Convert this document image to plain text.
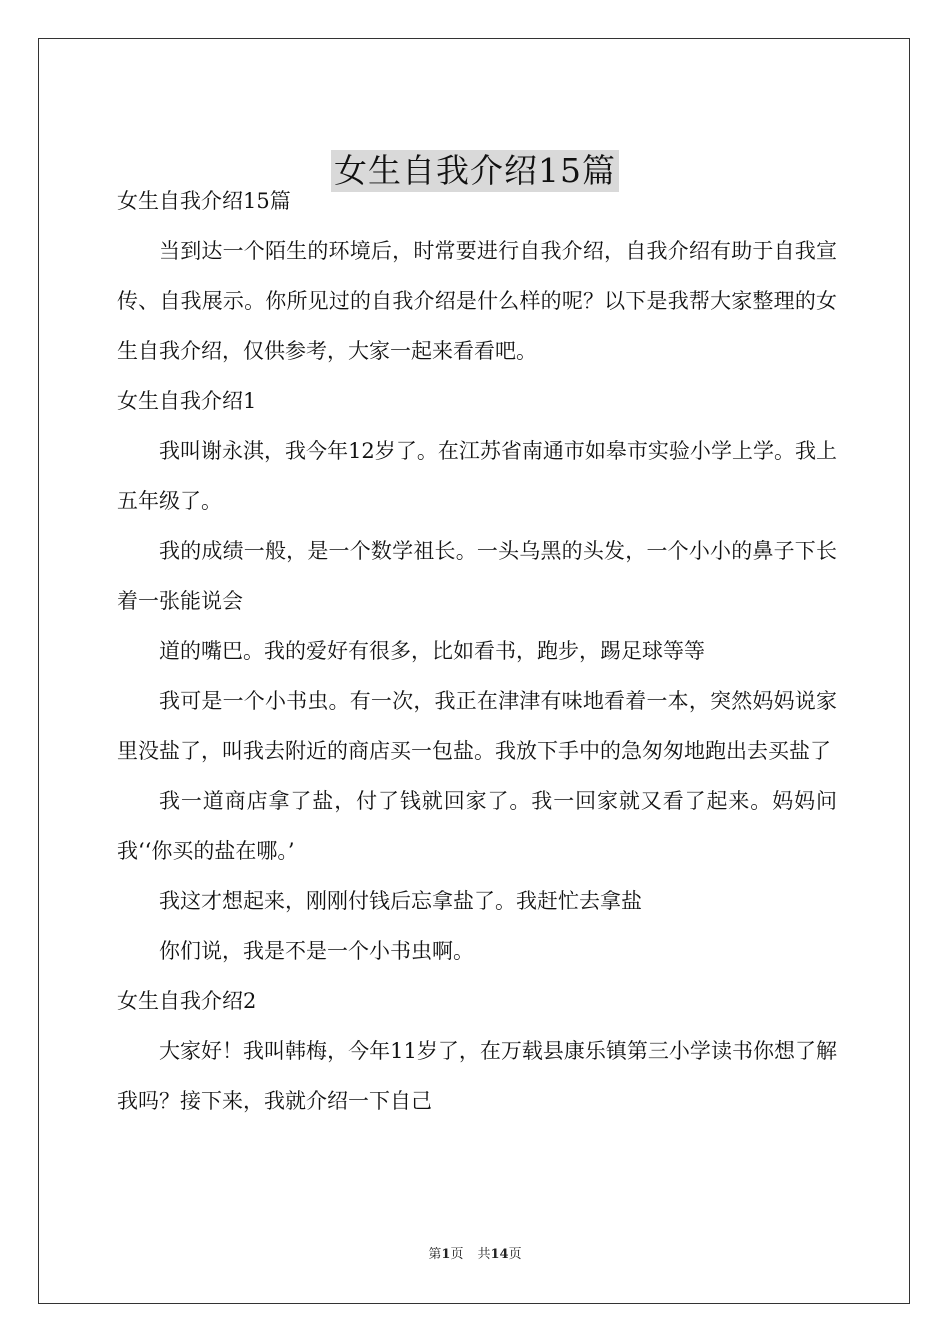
女生自我介绍15篇

女生自我介绍15篇

当到达一个陌生的环境后，时常要进行自我介绍，自我介绍有助于自我宣传、自我展示。你所见过的自我介绍是什么样的呢？以下是我帮大家整理的女生自我介绍，仅供参考，大家一起来看看吧。

女生自我介绍1

我叫谢永淇，我今年12岁了。在江苏省南通市如皋市实验小学上学。我上五年级了。

我的成绩一般，是一个数学祖长。一头乌黑的头发，一个小小的鼻子下长着一张能说会

道的嘴巴。我的爱好有很多，比如看书，跑步，踢足球等等

我可是一个小书虫。有一次，我正在津津有味地看着一本，突然妈妈说家里没盐了，叫我去附近的商店买一包盐。我放下手中的急匆匆地跑出去买盐了

我一道商店拿了盐，付了钱就回家了。我一回家就又看了起来。妈妈问我‘‘你买的盐在哪。’

我这才想起来，刚刚付钱后忘拿盐了。我赶忙去拿盐

你们说，我是不是一个小书虫啊。

女生自我介绍2

大家好！我叫韩梅，今年11岁了，在万载县康乐镇第三小学读书你想了解我吗？接下来，我就介绍一下自己

第1页 共14页
